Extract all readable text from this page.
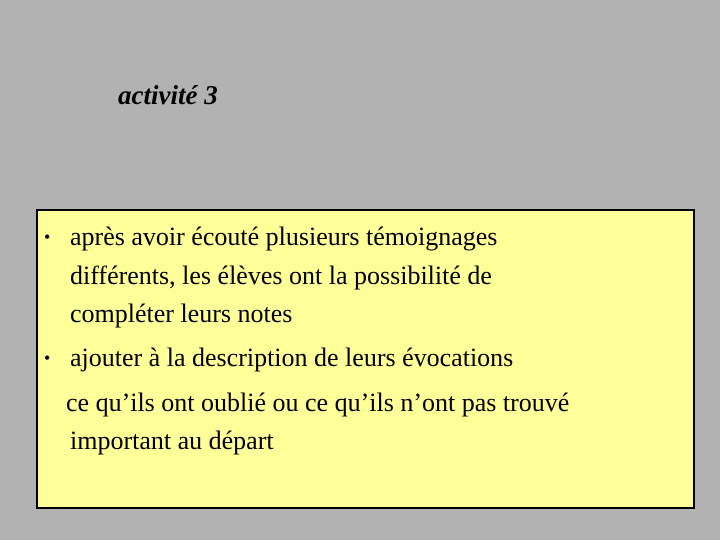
activité 3
• après avoir écouté plusieurs témoignages
différents, les élèves ont la possibilité de
compléter leurs notes
• ajouter à la description de leurs évocations
ce qu’ils ont oublié ou ce qu’ils n’ont pas trouvé
important au départ
